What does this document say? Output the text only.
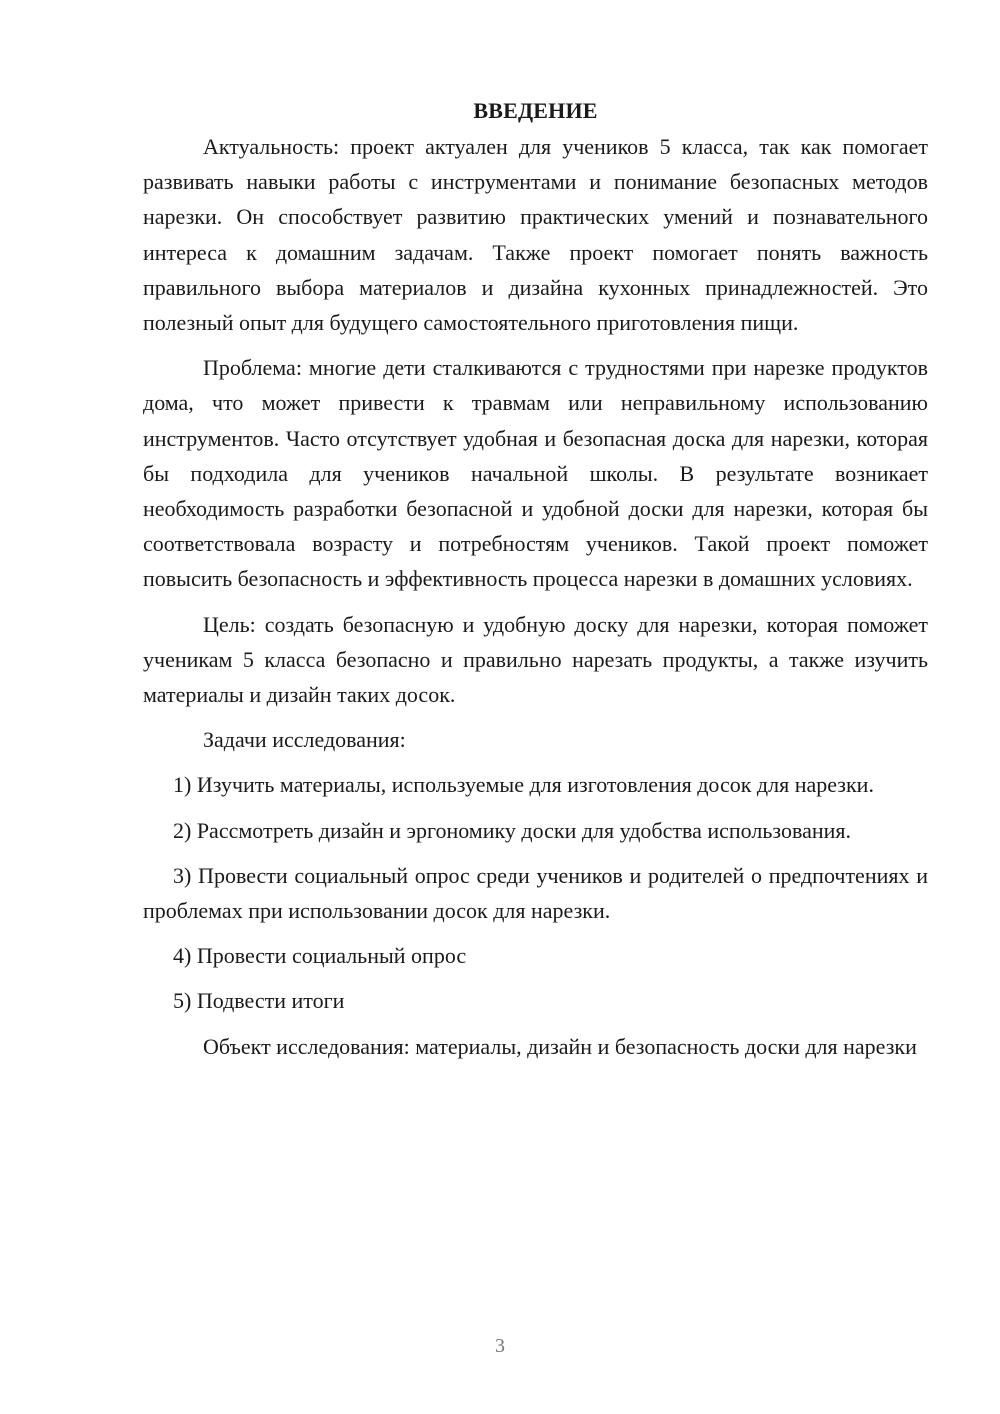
ВВЕДЕНИЕ

Актуальность: проект актуален для учеников 5 класса, так как помогает развивать навыки работы с инструментами и понимание безопасных методов нарезки. Он способствует развитию практических умений и познавательного интереса к домашним задачам. Также проект помогает понять важность правильного выбора материалов и дизайна кухонных принадлежностей. Это полезный опыт для будущего самостоятельного приготовления пищи.

Проблема: многие дети сталкиваются с трудностями при нарезке продуктов дома, что может привести к травмам или неправильному использованию инструментов. Часто отсутствует удобная и безопасная доска для нарезки, которая бы подходила для учеников начальной школы. В результате возникает необходимость разработки безопасной и удобной доски для нарезки, которая бы соответствовала возрасту и потребностям учеников. Такой проект поможет повысить безопасность и эффективность процесса нарезки в домашних условиях.

Цель: создать безопасную и удобную доску для нарезки, которая поможет ученикам 5 класса безопасно и правильно нарезать продукты, а также изучить материалы и дизайн таких досок.

Задачи исследования:

1) Изучить материалы, используемые для изготовления досок для нарезки.

2) Рассмотреть дизайн и эргономику доски для удобства использования.

3) Провести социальный опрос среди учеников и родителей о предпочтениях и проблемах при использовании досок для нарезки.

4) Провести социальный опрос

5) Подвести итоги

Объект исследования: материалы, дизайн и безопасность доски для нарезки

3
